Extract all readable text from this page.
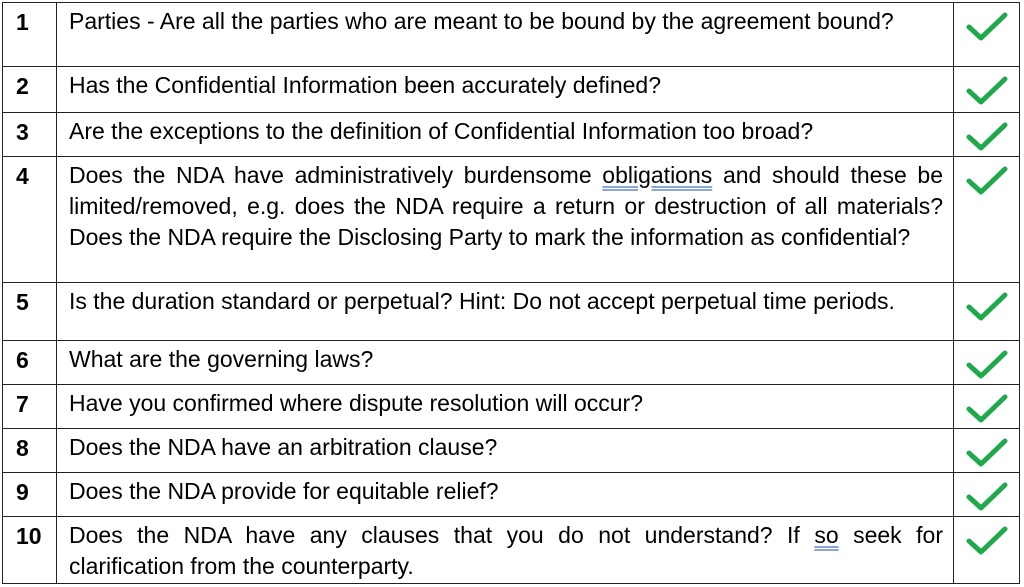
1	Parties - Are all the parties who are meant to be bound by the agreement bound?	

2	Has the Confidential Information been accurately defined?	

3	Are the exceptions to the definition of Confidential Information too broad?	

4	Does the NDA have administratively burdensome obligations and should these be limited/removed, e.g. does the NDA require a return or destruction of all materials? Does the NDA require the Disclosing Party to mark the information as confidential?	

5	Is the duration standard or perpetual? Hint: Do not accept perpetual time periods.	

6	What are the governing laws?	

7	Have you confirmed where dispute resolution will occur?	

8	Does the NDA have an arbitration clause?	

9	Does the NDA provide for equitable relief?	

10	Does the NDA have any clauses that you do not understand? If so seek for clarification from the counterparty.	
